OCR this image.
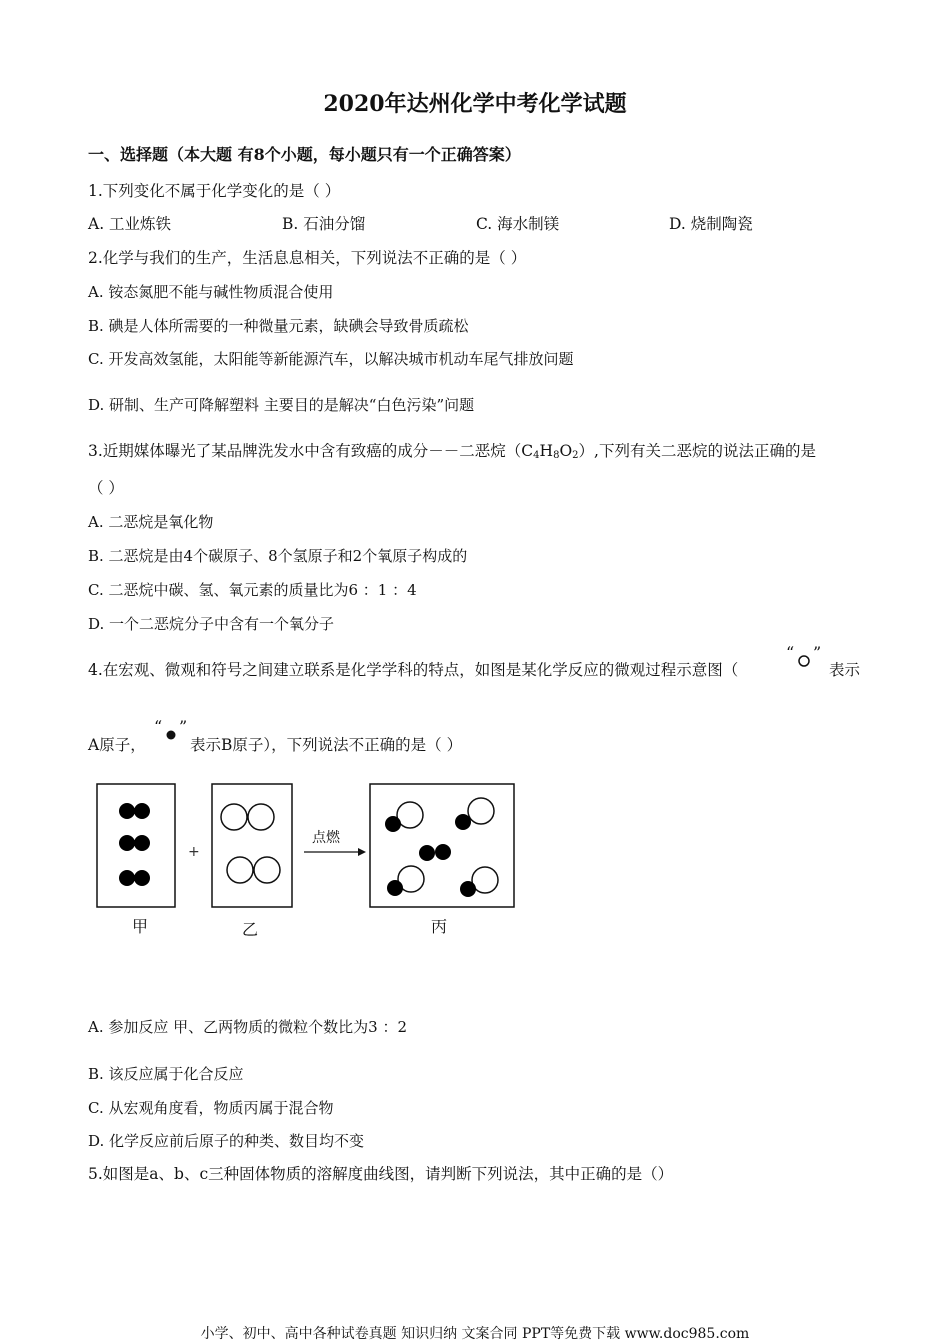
2020年达州化学中考化学试题
一、选择题（本大题 有8个小题，每小题只有一个正确答案）
1.下列变化不属于化学变化的是（ ）
A. 工业炼铁	B. 石油分馏	C. 海水制镁	D. 烧制陶瓷
2.化学与我们的生产，生活息息相关，下列说法不正确的是（ ）
A. 铵态氮肥不能与碱性物质混合使用
B. 碘是人体所需要的一种微量元素，缺碘会导致骨质疏松
C. 开发高效氢能，太阳能等新能源汽车，以解决城市机动车尾气排放问题
D. 研制、生产可降解塑料 主要目的是解决“白色污染”问题
3.近期媒体曝光了某品牌洗发水中含有致癌的成分－－二恶烷$(C_4H_8O_2)$,下列有关二恶烷的说法正确的是
（ ）
A. 二恶烷是氧化物
B. 二恶烷是由4个碳原子、8个氢原子和2个氧原子构成的
C. 二恶烷中碳、氢、氧元素的质量比为6 ：1 ：4
D. 一个二恶烷分子中含有一个氧分子
4.在宏观、微观和符号之间建立联系是化学学科的特点，如图是某化学反应的微观过程示意图（
“ ”
表示
A原子，
“ ”
表示B原子），下列说法不正确的是（ ）
+
点燃
甲	乙	丙
A. 参加反应 甲、乙两物质的微粒个数比为3 ：2
B. 该反应属于化合反应
C. 从宏观角度看，物质丙属于混合物
D. 化学反应前后原子的种类、数目均不变
5.如图是a、b、c三种固体物质的溶解度曲线图，请判断下列说法，其中正确的是（）
小学、初中、高中各种试卷真题 知识归纳 文案合同 PPT等免费下载 www.doc985.com
